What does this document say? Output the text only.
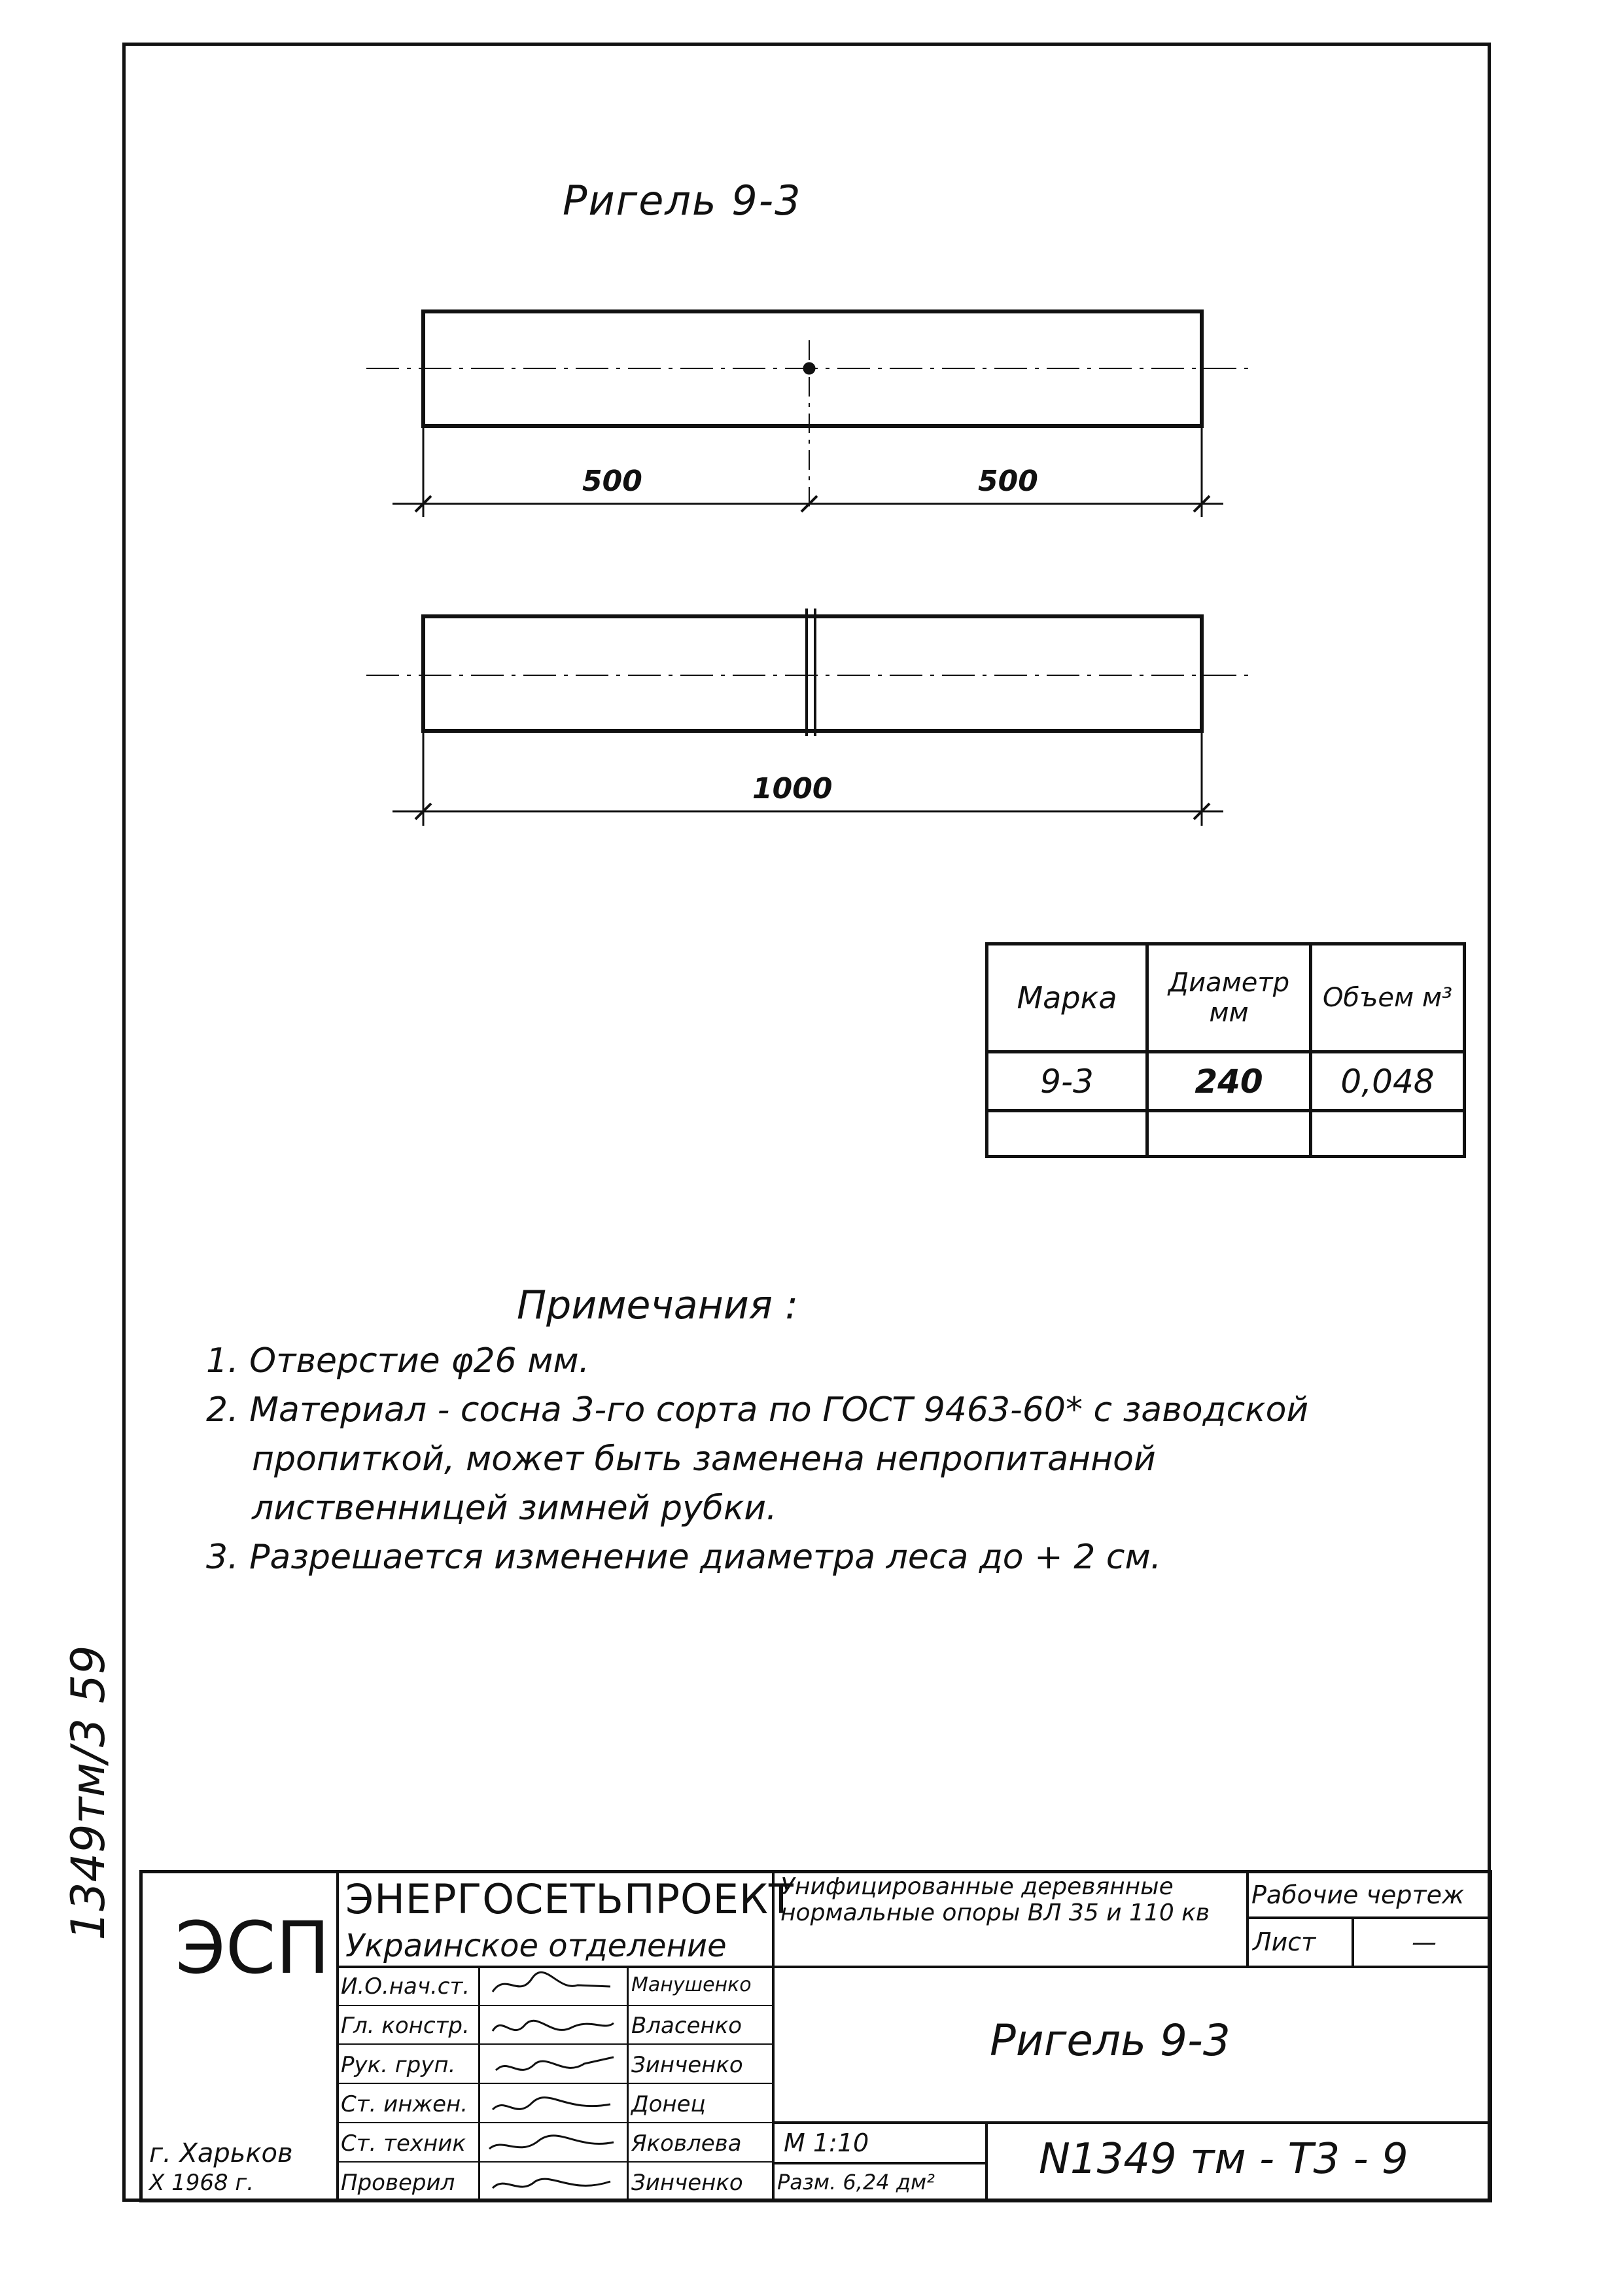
Ригель 9-3
500	500
1000
Марка	Диаметр мм	Объем м³
9-3	240	0,048

Примечания :
1. Отверстие φ26 мм.
2. Материал - сосна 3-го сорта по ГОСТ 9463-60* с заводской
пропиткой, может быть заменена непропитанной
лиственницей зимней рубки.
3. Разрешается изменение диаметра леса до + 2 см.
1349тм/3 59
ЭСП
г. Харьков
Х 1968 г.
ЭНЕРГОСЕТЬПРОЕКТ
Украинское отделение
Унифицированные деревянные нормальные опоры ВЛ 35 и 110 кв
Рабочие чертеж
Лист	—
И.О.нач.ст.	Манушенко
Гл. констр.	Власенко
Рук. груп.	Зинченко
Ст. инжен.	Донец
Ст. техник	Яковлева
Проверил	Зинченко
Ригель 9-3
М 1:10
Разм. 6,24 дм² N1349 тм - Т3 - 9
